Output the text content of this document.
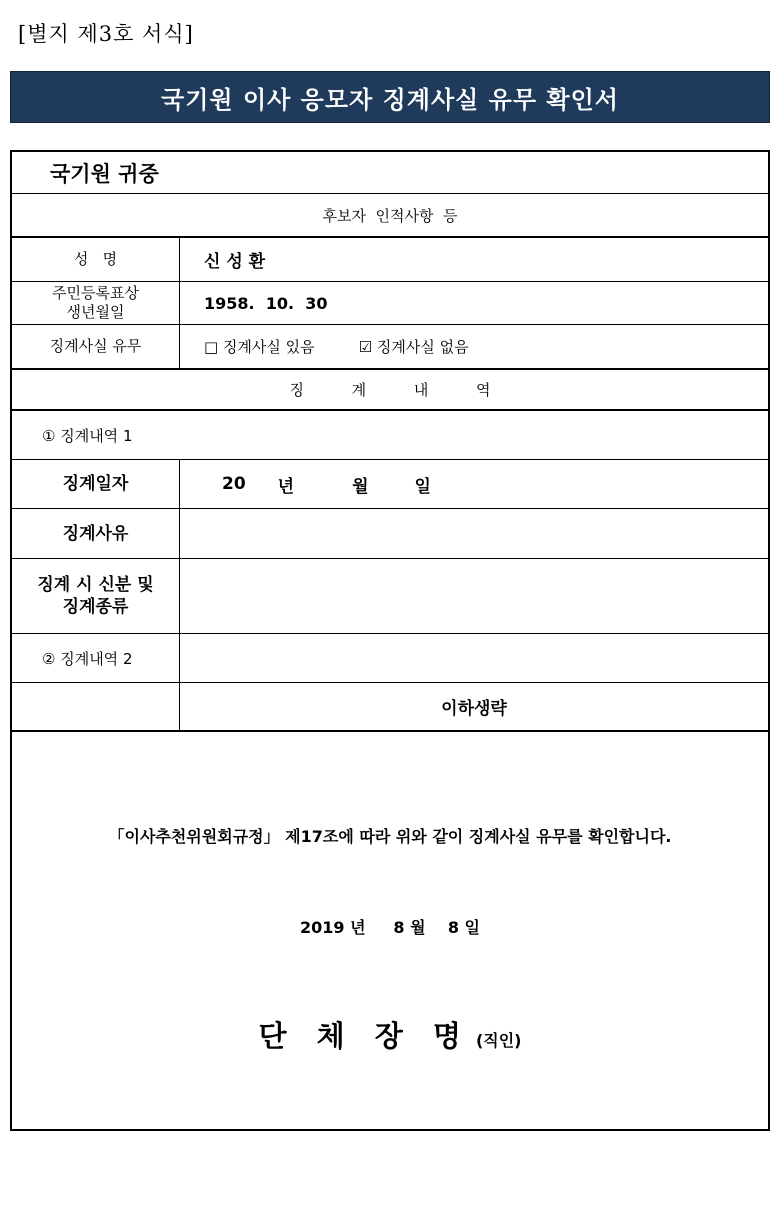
[별지 제3호 서식]
국기원 이사 응모자 징계사실 유무 확인서
국기원 귀중
후보자  인적사항  등
성   명	신 성 환
주민등록표상
생년월일	1958.  10.  30
징계사실 유무	□ 징계사실 있음	☑ 징계사실 없음
징          계          내          역
① 징계내역 1
징계일자	20 년	월	일
징계사유
징계 시 신분 및
징계종류
② 징계내역 2
이하생략
「이사추천위원회규정」 제17조에 따라 위와 같이 징계사실 유무를 확인합니다.
2019 년     8 월    8 일
단 체 장 명 (직인)
